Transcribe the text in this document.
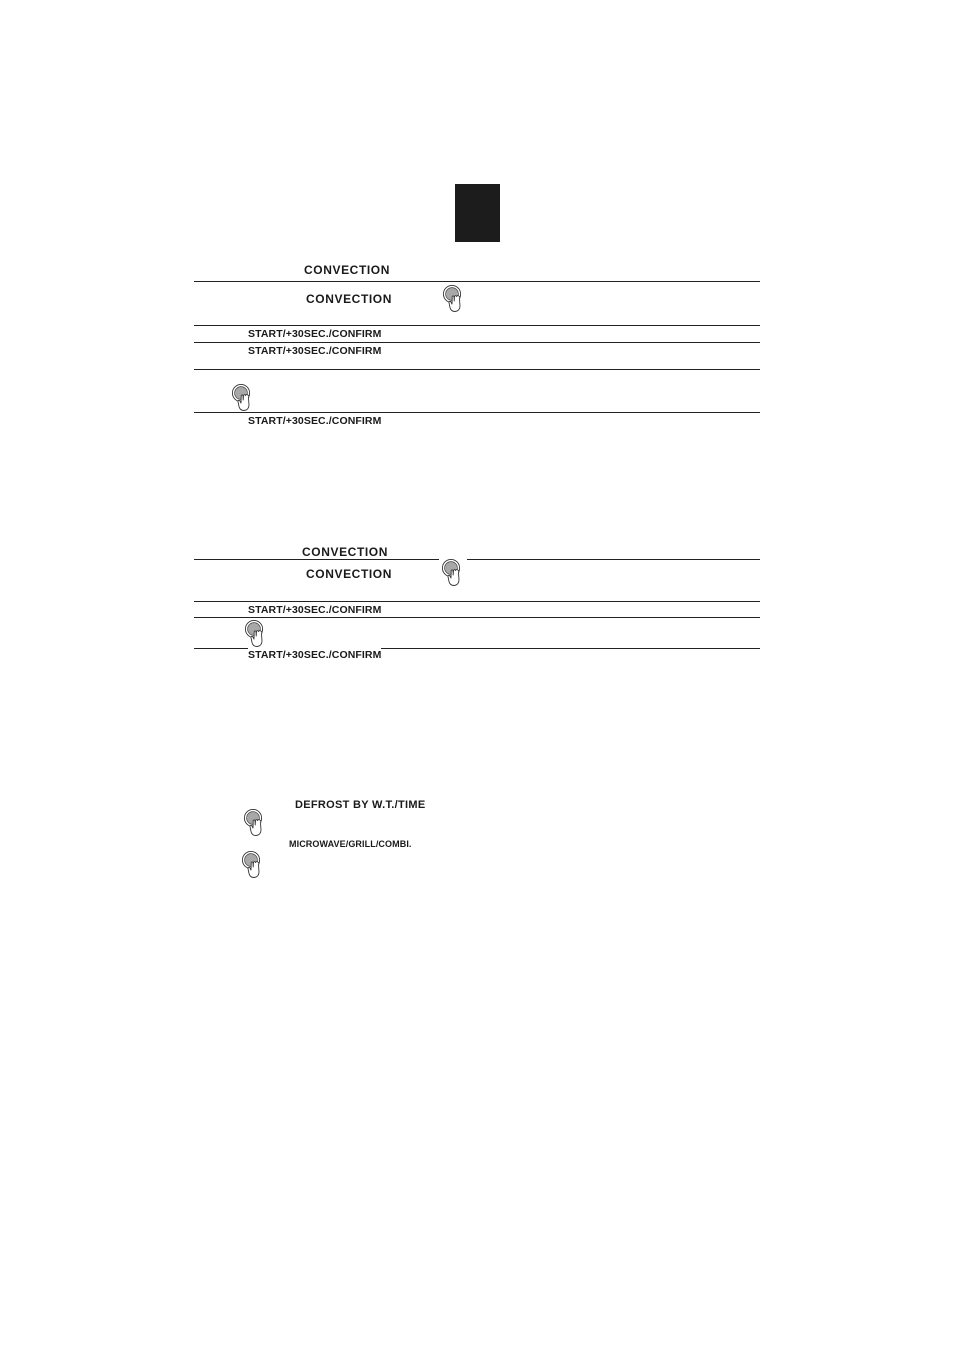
CONVECTION
CONVECTION
START/+30SEC./CONFIRM
START/+30SEC./CONFIRM
START/+30SEC./CONFIRM
CONVECTION
CONVECTION
START/+30SEC./CONFIRM
START/+30SEC./CONFIRM
DEFROST BY W.T./TIME
MICROWAVE/GRILL/COMBI.
